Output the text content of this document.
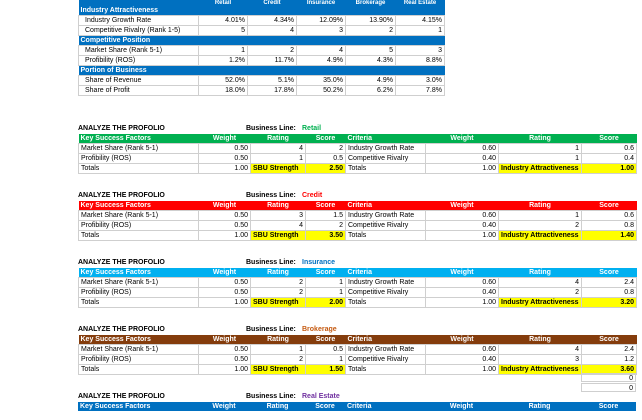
	Retail	Credit	Insurance	Brokerage	Real Estate
Industry Attractiveness					
Industry Growth Rate	4.01%	4.34%	12.09%	13.90%	4.15%
Competitive Rivalry (Rank 1-5)	5	4	3	2	1
Competitive Position					
Market Share (Rank 5-1)	1	2	4	5	3
Profibility (ROS)	1.2%	11.7%	4.9%	4.3%	8.8%
Portion of Business					
Share of Revenue	52.0%	5.1%	35.0%	4.9%	3.0%
Share of Profit	18.0%	17.8%	50.2%	6.2%	7.8%
ANALYZE THE PROFOLIO	Business Line: Retail
Key Success Factors	Weight	Rating	Score	Criteria	Weight	Rating	Score
Market Share (Rank 5-1)	0.50	4	2	Industry Growth Rate	0.60	1	0.6
Profibility (ROS)	0.50	1	0.5	Competitive Rivalry	0.40	1	0.4
Totals	1.00	SBU Strength	2.50	Totals	1.00	Industry Attractiveness	1.00
ANALYZE THE PROFOLIO	Business Line: Credit
Key Success Factors	Weight	Rating	Score	Criteria	Weight	Rating	Score
Market Share (Rank 5-1)	0.50	3	1.5	Industry Growth Rate	0.60	1	0.6
Profibility (ROS)	0.50	4	2	Competitive Rivalry	0.40	2	0.8
Totals	1.00	SBU Strength	3.50	Totals	1.00	Industry Attractiveness	1.40
ANALYZE THE PROFOLIO	Business Line: Insurance
Key Success Factors	Weight	Rating	Score	Criteria	Weight	Rating	Score
Market Share (Rank 5-1)	0.50	2	1	Industry Growth Rate	0.60	4	2.4
Profibility (ROS)	0.50	2	1	Competitive Rivalry	0.40	2	0.8
Totals	1.00	SBU Strength	2.00	Totals	1.00	Industry Attractiveness	3.20
ANALYZE THE PROFOLIO	Business Line: Brokerage
Key Success Factors	Weight	Rating	Score	Criteria	Weight	Rating	Score
Market Share (Rank 5-1)	0.50	1	0.5	Industry Growth Rate	0.60	4	2.4
Profibility (ROS)	0.50	2	1	Competitive Rivalry	0.40	3	1.2
Totals	1.00	SBU Strength	1.50	Totals	1.00	Industry Attractiveness	3.60
ANALYZE THE PROFOLIO	Business Line: Real Estate
Key Success Factors	Weight	Rating	Score	Criteria	Weight	Rating	Score
0
0
